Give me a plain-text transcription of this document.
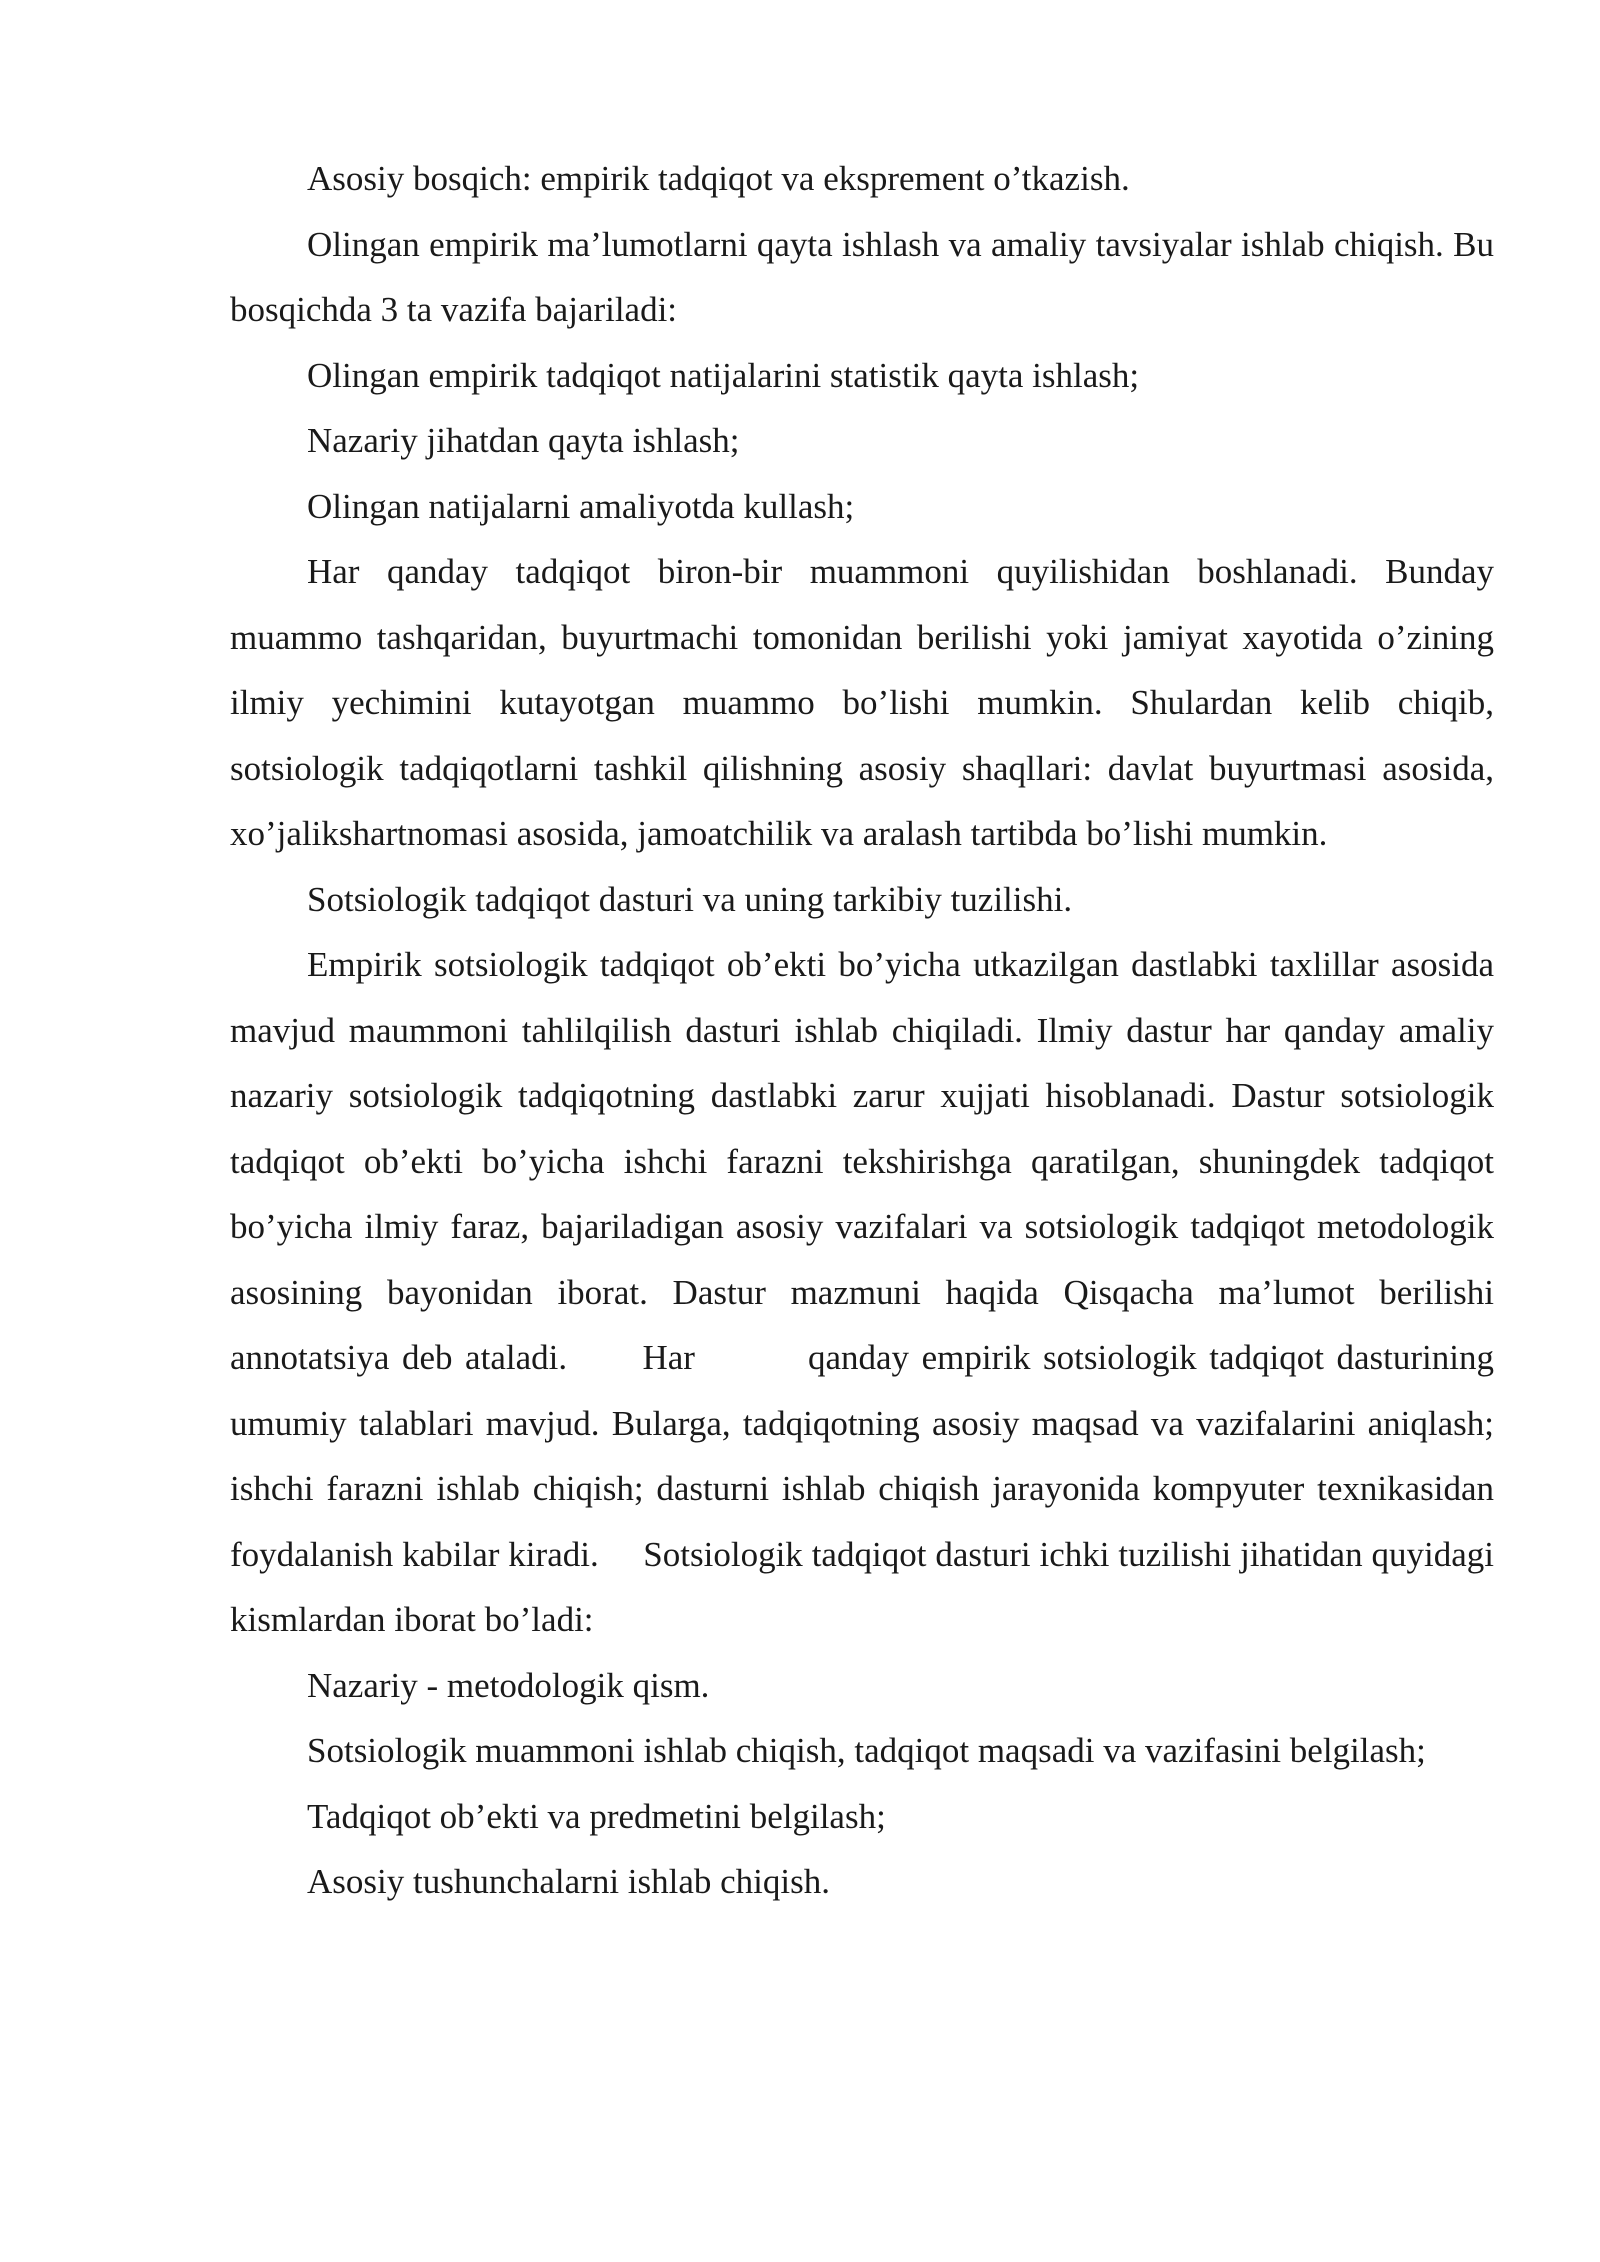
Asosiy bosqich: empirik tadqiqot va ekspremеnt o’tkazish.

Olingan empirik ma’lumotlarni qayta ishlash va amaliy tavsiyalar ishlab chiqish. Bu bosqichda 3 ta vazifa bajariladi:

Olingan empirik tadqiqot natijalarini statistik qayta ishlash;

Nazariy jihatdan qayta ishlash;

Olingan natijalarni amaliyotda kullash;

Har qanday tadqiqot biron-bir muammoni quyilishidan boshlanadi. Bunday muammo tashqaridan, buyurtmachi tomonidan berilishi yoki jamiyat xayotida o’zining ilmiy yechimini kutayotgan muammo bo’lishi mumkin. Shulardan kelib chiqib, sotsiologik tadqiqotlarni tashkil qilishning asosiy shaqllari: davlat buyurtmasi asosida, xo’jalikshartnomasi asosida, jamoatchilik va aralash tartibda bo’lishi mumkin.

Sotsiologik tadqiqot dasturi va uning tarkibiy tuzilishi.

Empirik sotsiologik tadqiqot ob’ekti bo’yicha utkazilgan dastlabki taxlillar asosida mavjud maummoni tahlilqilish dasturi ishlab chiqiladi. Ilmiy dastur har qanday amaliy nazariy sotsiologik tadqiqotning dastlabki zarur xujjati hisoblanadi. Dastur sotsiologik tadqiqot ob’ekti bo’yicha ishchi farazni tekshirishga qaratilgan, shuningdek tadqiqot bo’yicha ilmiy faraz, bajariladigan asosiy vazifalari va sotsiologik tadqiqot metodologik asosining bayonidan iborat. Dastur mazmuni haqida Qisqacha ma’lumot berilishi annotatsiya deb ataladi.      Har         qanday empirik sotsiologik tadqiqot dasturining umumiy talablari mavjud. Bularga, tadqiqotning asosiy maqsad va vazifalarini aniqlash; ishchi farazni ishlab chiqish; dasturni ishlab chiqish jarayonida kompyuter texnikasidan foydalanish kabilar kiradi.     Sotsiologik tadqiqot dasturi ichki tuzilishi jihatidan quyidagi kismlardan iborat bo’ladi:

Nazariy - metodologik qism.

Sotsiologik muammoni ishlab chiqish, tadqiqot maqsadi va vazifasini belgilash;

Tadqiqot ob’ekti va predmetini belgilash;

Asosiy tushunchalarni ishlab chiqish.
